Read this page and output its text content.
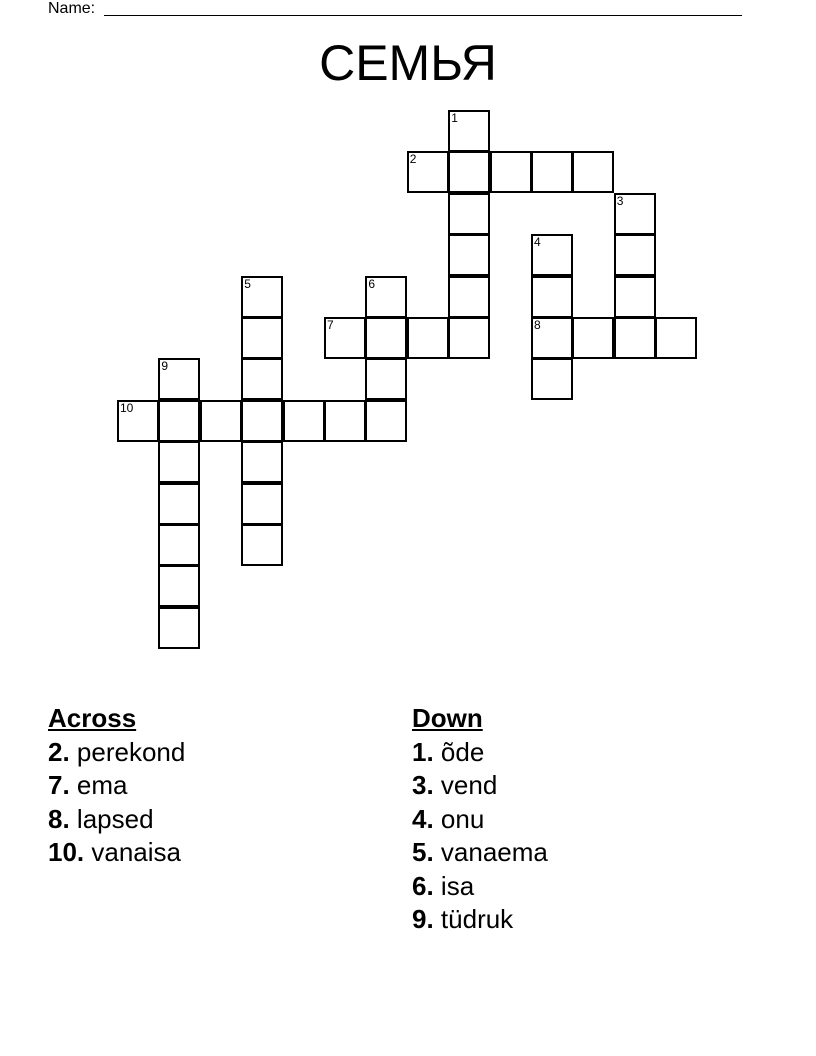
Name:
СЕМЬЯ
1
2
3
4
8
5	6
7
9
10
Across
2. perekond
7. ema
8. lapsed
10. vanaisa
Down
1. õde
3. vend
4. onu
5. vanaema
6. isa
9. tüdruk
